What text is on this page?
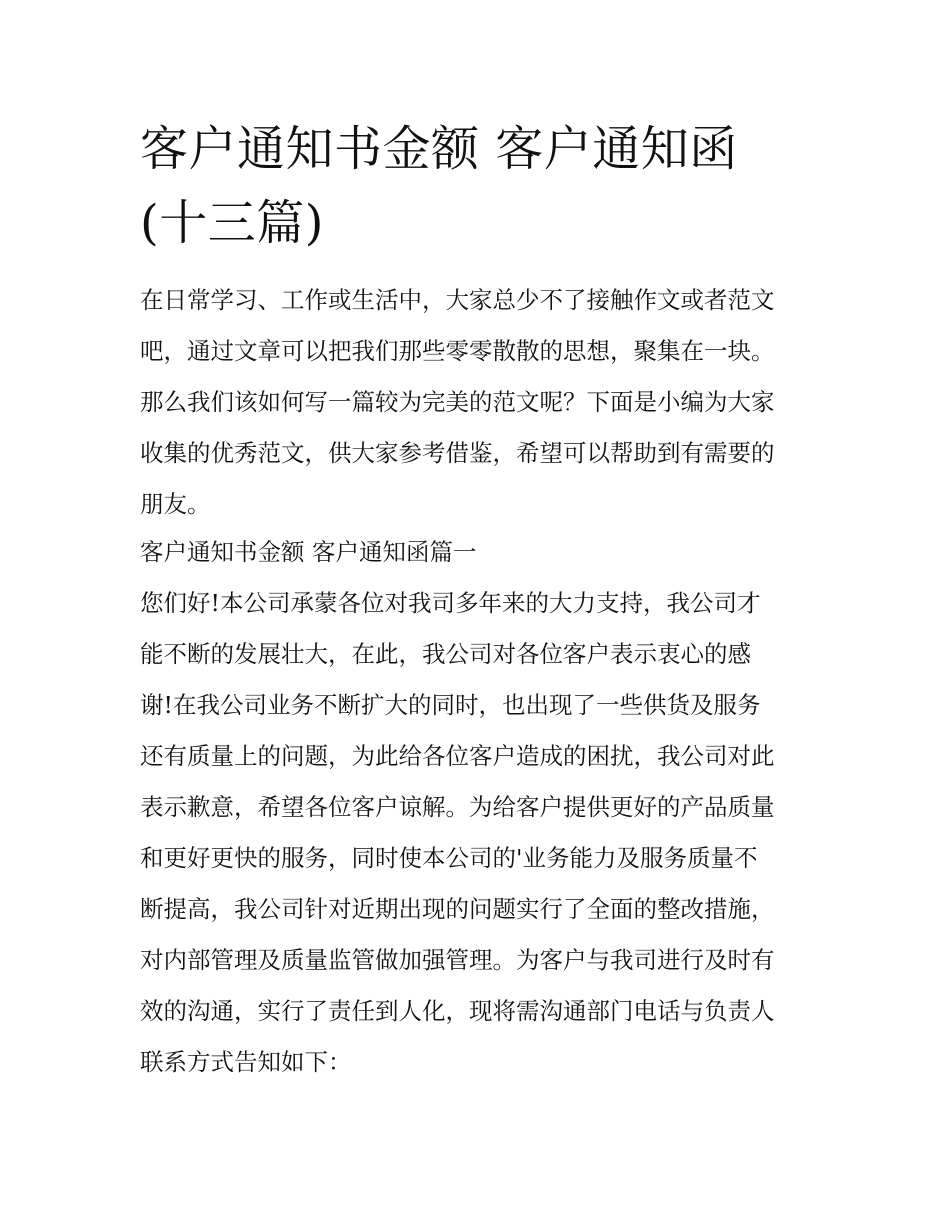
客户通知书金额 客户通知函
(十三篇)

在日常学习、工作或生活中，大家总少不了接触作文或者范文
吧，通过文章可以把我们那些零零散散的思想，聚集在一块。
那么我们该如何写一篇较为完美的范文呢？下面是小编为大家
收集的优秀范文，供大家参考借鉴，希望可以帮助到有需要的
朋友。

客户通知书金额 客户通知函篇一

您们好!本公司承蒙各位对我司多年来的大力支持，我公司才
能不断的发展壮大，在此，我公司对各位客户表示衷心的感
谢!在我公司业务不断扩大的同时，也出现了一些供货及服务
还有质量上的问题，为此给各位客户造成的困扰，我公司对此
表示歉意，希望各位客户谅解。为给客户提供更好的产品质量
和更好更快的服务，同时使本公司的'业务能力及服务质量不
断提高，我公司针对近期出现的问题实行了全面的整改措施，
对内部管理及质量监管做加强管理。为客户与我司进行及时有
效的沟通，实行了责任到人化，现将需沟通部门电话与负责人
联系方式告知如下：
